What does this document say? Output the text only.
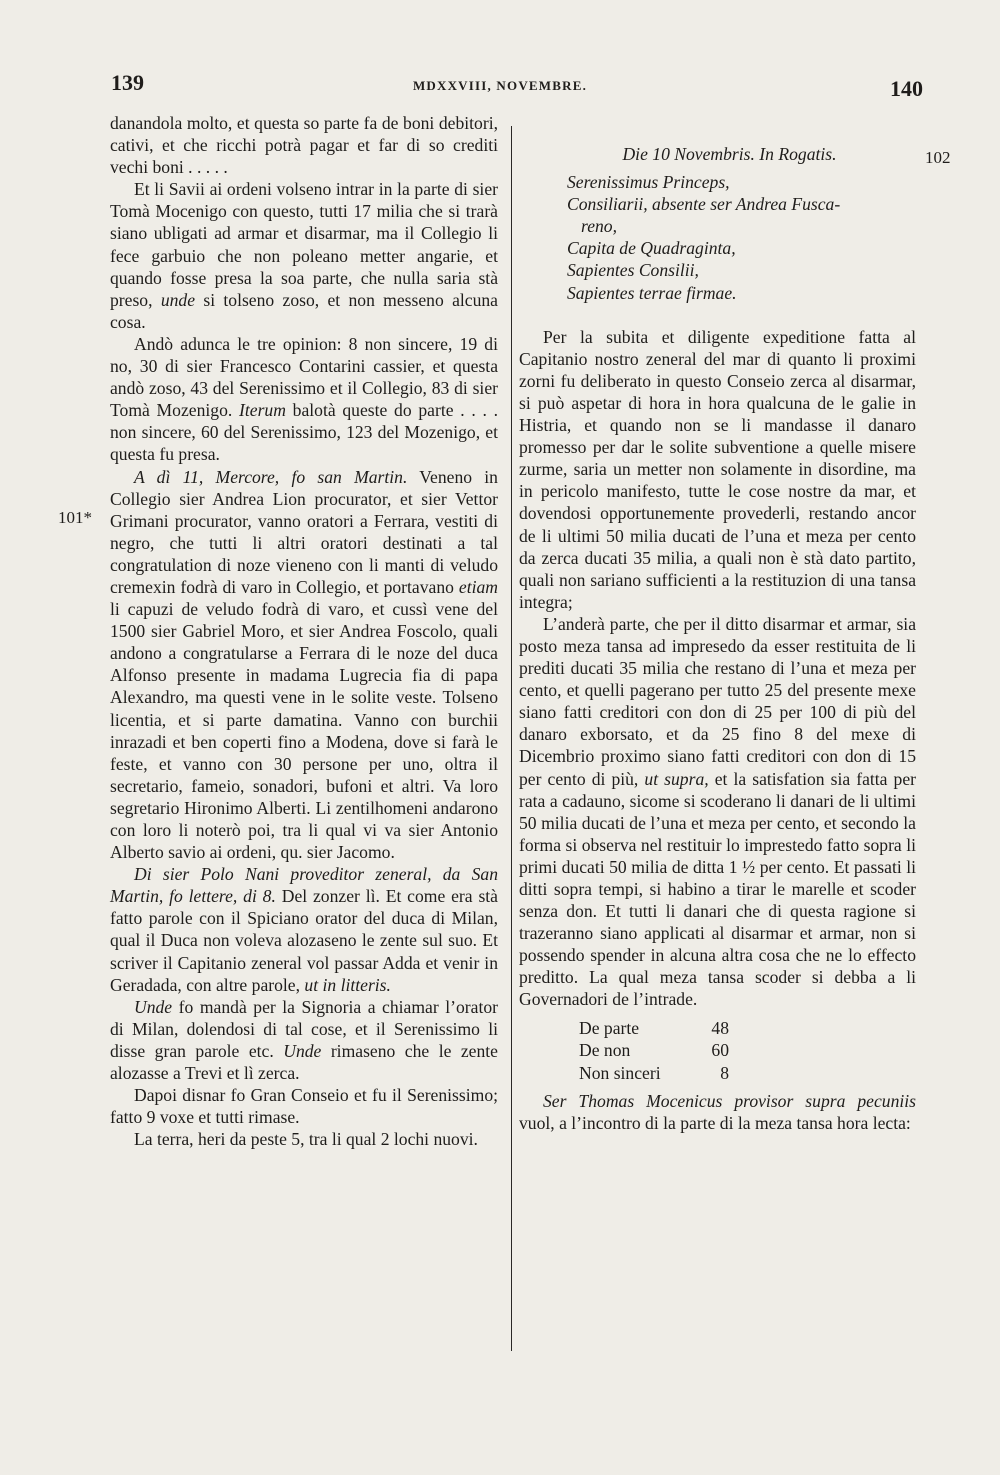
139	MDXXVIII, NOVEMBRE.	140
101*
102

danandola molto, et questa so parte fa de boni debitori, cativi, et che ricchi potrà pagar et far di so crediti vechi boni . . . . .

Et li Savii ai ordeni volseno intrar in la parte di sier Tomà Mocenigo con questo, tutti 17 milia che si trarà siano ubligati ad armar et disarmar, ma il Collegio li fece garbuio che non poleano metter angarie, et quando fosse presa la soa parte, che nulla saria stà preso, unde si tolseno zoso, et non messeno alcuna cosa.

Andò adunca le tre opinion: 8 non sincere, 19 di no, 30 di sier Francesco Contarini cassier, et questa andò zoso, 43 del Serenissimo et il Collegio, 83 di sier Tomà Mozenigo. Iterum balotà queste do parte . . . . non sincere, 60 del Serenissimo, 123 del Mozenigo, et questa fu presa.

A dì 11, Mercore, fo san Martin. Veneno in Collegio sier Andrea Lion procurator, et sier Vettor Grimani procurator, vanno oratori a Ferrara, vestiti di negro, che tutti li altri oratori destinati a tal congratulation di noze vieneno con li manti di veludo cremexin fodrà di varo in Collegio, et portavano etiam li capuzi de veludo fodrà di varo, et cussì vene del 1500 sier Gabriel Moro, et sier Andrea Foscolo, quali andono a congratularse a Ferrara di le noze del duca Alfonso presente in madama Lugrecia fia di papa Alexandro, ma questi vene in le solite veste. Tolseno licentia, et si parte damatina. Vanno con burchii inrazadi et ben coperti fino a Modena, dove si farà le feste, et vanno con 30 persone per uno, oltra il secretario, fameio, sonadori, bufoni et altri. Va loro segretario Hironimo Alberti. Li zentilhomeni andarono con loro li noterò poi, tra li qual vi va sier Antonio Alberto savio ai ordeni, qu. sier Jacomo.

Di sier Polo Nani proveditor zeneral, da San Martin, fo lettere, di 8. Del zonzer lì. Et come era stà fatto parole con il Spiciano orator del duca di Milan, qual il Duca non voleva alozaseno le zente sul suo. Et scriver il Capitanio zeneral vol passar Adda et venir in Geradada, con altre parole, ut in litteris.

Unde fo mandà per la Signoria a chiamar l’orator di Milan, dolendosi di tal cose, et il Serenissimo li disse gran parole etc. Unde rimaseno che le zente alozasse a Trevi et lì zerca.

Dapoi disnar fo Gran Conseio et fu il Serenissimo; fatto 9 voxe et tutti rimase.

La terra, heri da peste 5, tra li qual 2 lochi nuovi.

Die 10 Novembris. In Rogatis.

Serenissimus Princeps,

Consiliarii, absente ser Andrea Fusca-

reno,

Capita de Quadraginta,

Sapientes Consilii,

Sapientes terrae firmae.

Per la subita et diligente expeditione fatta al Capitanio nostro zeneral del mar di quanto li proximi zorni fu deliberato in questo Conseio zerca al disarmar, si può aspetar di hora in hora qualcuna de le galie in Histria, et quando non se li mandasse il danaro promesso per dar le solite subventione a quelle misere zurme, saria un metter non solamente in disordine, ma in pericolo manifesto, tutte le cose nostre da mar, et dovendosi opportunemente provederli, restando ancor de li ultimi 50 milia ducati de l’una et meza per cento da zerca ducati 35 milia, a quali non è stà dato partito, quali non sariano sufficienti a la restituzion di una tansa integra;

L’anderà parte, che per il ditto disarmar et armar, sia posto meza tansa ad impresedo da esser restituita de li prediti ducati 35 milia che restano di l’una et meza per cento, et quelli pagerano per tutto 25 del presente mexe siano fatti creditori con don di 25 per 100 di più del danaro exborsato, et da 25 fino 8 del mexe di Dicembrio proximo siano fatti creditori con don di 15 per cento di più, ut supra, et la satisfation sia fatta per rata a cadauno, sicome si scoderano li danari de li ultimi 50 milia ducati de l’una et meza per cento, et secondo la forma si observa nel restituir lo imprestedo fatto sopra li primi ducati 50 milia de ditta 1 ½ per cento. Et passati li ditti sopra tempi, si habino a tirar le marelle et scoder senza don. Et tutti li danari che di questa ragione si trazeranno siano applicati al disarmar et armar, non si possendo spender in alcuna altra cosa che ne lo effecto preditto. La qual meza tansa scoder si debba a li Governadori de l’intrade.

De parte	48
De non	60
Non sinceri	8

Ser Thomas Mocenicus provisor supra pecuniis vuol, a l’incontro di la parte di la meza tansa hora lecta:
